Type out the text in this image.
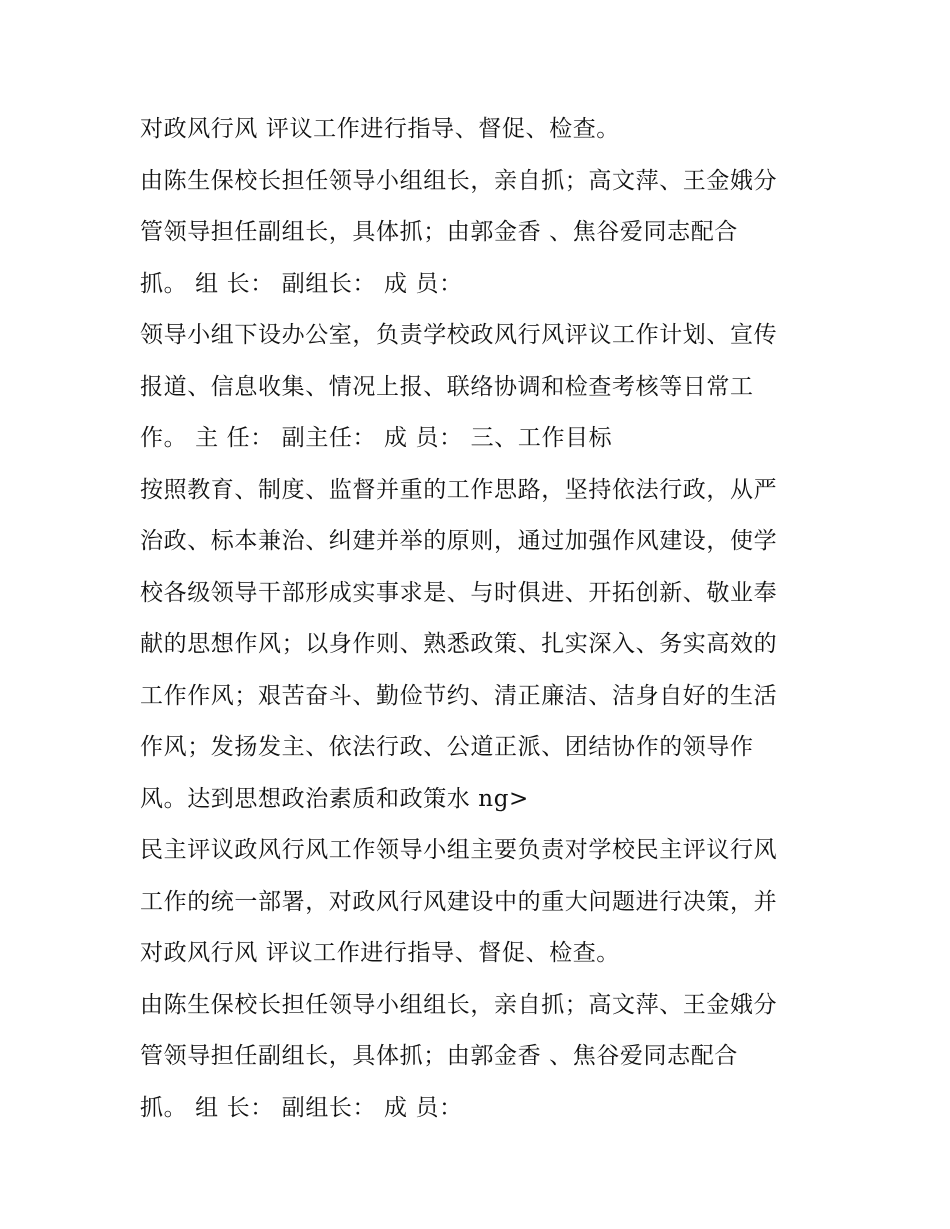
对政风行风 评议工作进行指导、督促、检查。
由陈生保校长担任领导小组组长，亲自抓；高文萍、王金娥分
管领导担任副组长，具体抓；由郭金香 、焦谷爱同志配合
抓。 组 长： 副组长： 成 员：
领导小组下设办公室，负责学校政风行风评议工作计划、宣传
报道、信息收集、情况上报、联络协调和检查考核等日常工
作。 主 任： 副主任： 成 员： 三、工作目标
按照教育、制度、监督并重的工作思路，坚持依法行政，从严
治政、标本兼治、纠建并举的原则，通过加强作风建设，使学
校各级领导干部形成实事求是、与时俱进、开拓创新、敬业奉
献的思想作风；以身作则、熟悉政策、扎实深入、务实高效的
工作作风；艰苦奋斗、勤俭节约、清正廉洁、洁身自好的生活
作风；发扬发主、依法行政、公道正派、团结协作的领导作
风。达到思想政治素质和政策水 ng>
民主评议政风行风工作领导小组主要负责对学校民主评议行风
工作的统一部署，对政风行风建设中的重大问题进行决策，并
对政风行风 评议工作进行指导、督促、检查。
由陈生保校长担任领导小组组长，亲自抓；高文萍、王金娥分
管领导担任副组长，具体抓；由郭金香 、焦谷爱同志配合
抓。 组 长： 副组长： 成 员：
